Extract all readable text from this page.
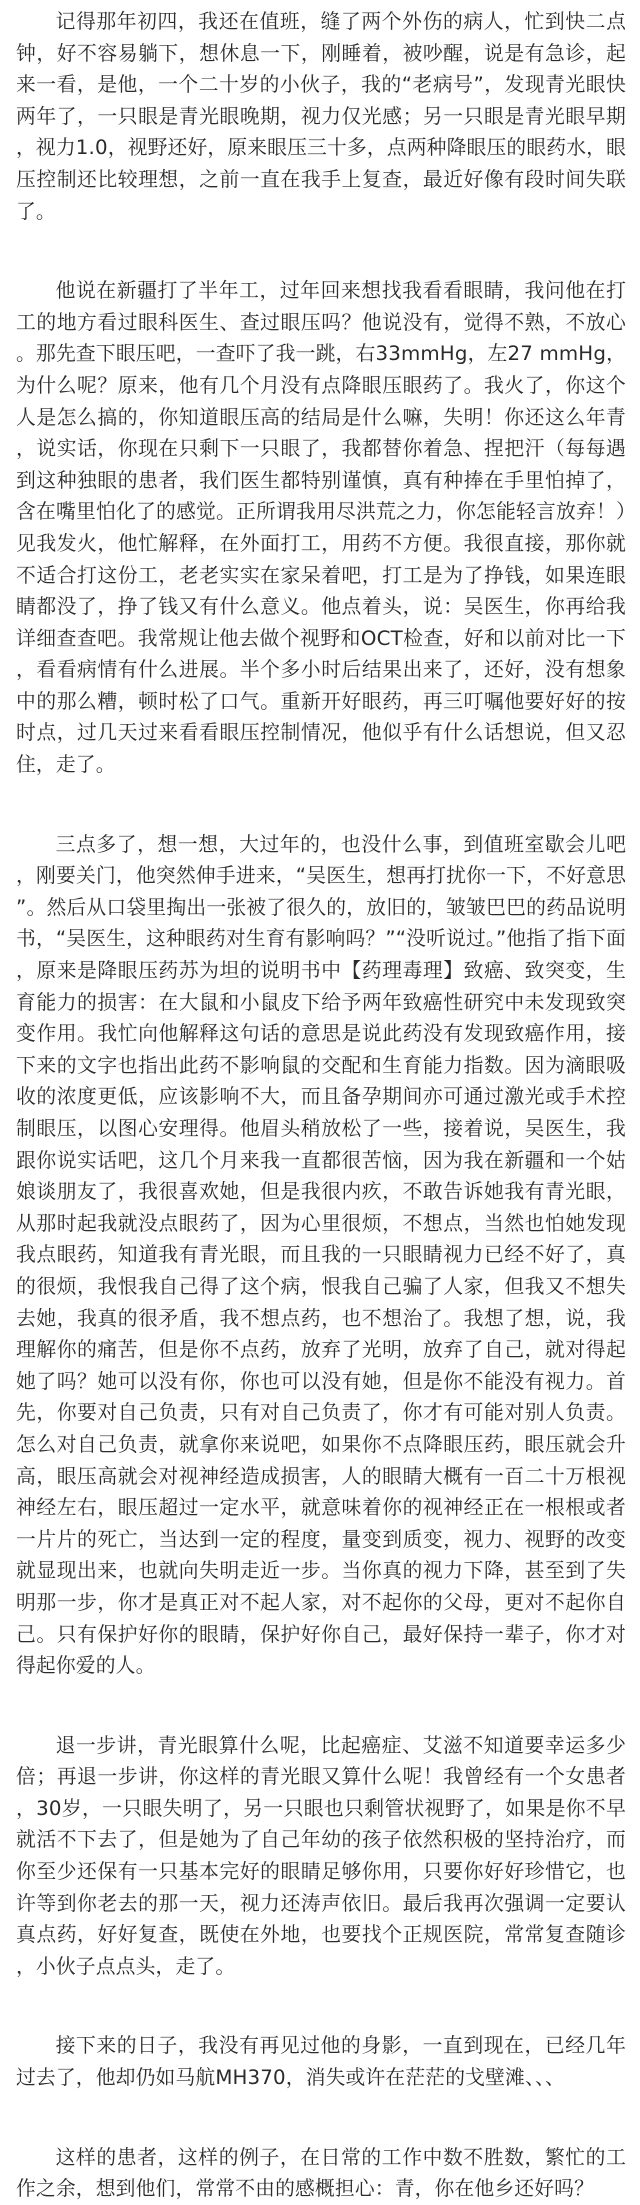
记得那年初四，我还在值班，缝了两个外伤的病人，忙到快二点钟，好不容易躺下，想休息一下，刚睡着，被吵醒，说是有急诊，起来一看，是他，一个二十岁的小伙子，我的“老病号”，发现青光眼快两年了，一只眼是青光眼晚期，视力仅光感；另一只眼是青光眼早期，视力1.0，视野还好，原来眼压三十多，点两种降眼压的眼药水，眼压控制还比较理想，之前一直在我手上复查，最近好像有段时间失联了。

他说在新疆打了半年工，过年回来想找我看看眼睛，我问他在打工的地方看过眼科医生、查过眼压吗？他说没有，觉得不熟，不放心。那先查下眼压吧，一查吓了我一跳，右33mmHg，左27 mmHg，为什么呢？原来，他有几个月没有点降眼压眼药了。我火了，你这个人是怎么搞的，你知道眼压高的结局是什么嘛，失明！你还这么年青，说实话，你现在只剩下一只眼了，我都替你着急、捏把汗（每每遇到这种独眼的患者，我们医生都特别谨慎，真有种捧在手里怕掉了，含在嘴里怕化了的感觉。正所谓我用尽洪荒之力，你怎能轻言放弃！）见我发火，他忙解释，在外面打工，用药不方便。我很直接，那你就不适合打这份工，老老实实在家呆着吧，打工是为了挣钱，如果连眼睛都没了，挣了钱又有什么意义。他点着头，说：吴医生，你再给我详细查查吧。我常规让他去做个视野和OCT检查，好和以前对比一下，看看病情有什么进展。半个多小时后结果出来了，还好，没有想象中的那么糟，顿时松了口气。重新开好眼药，再三叮嘱他要好好的按时点，过几天过来看看眼压控制情况，他似乎有什么话想说，但又忍住，走了。

三点多了，想一想，大过年的，也没什么事，到值班室歇会儿吧，刚要关门，他突然伸手进来，“吴医生，想再打扰你一下，不好意思”。然后从口袋里掏出一张被了很久的，放旧的，皱皱巴巴的药品说明书，“吴医生，这种眼药对生育有影响吗？”“没听说过。”他指了指下面，原来是降眼压药苏为坦的说明书中【药理毒理】致癌、致突变，生育能力的损害：在大鼠和小鼠皮下给予两年致癌性研究中未发现致突变作用。我忙向他解释这句话的意思是说此药没有发现致癌作用，接下来的文字也指出此药不影响鼠的交配和生育能力指数。因为滴眼吸收的浓度更低，应该影响不大，而且备孕期间亦可通过激光或手术控制眼压，以图心安理得。他眉头稍放松了一些，接着说，吴医生，我跟你说实话吧，这几个月来我一直都很苦恼，因为我在新疆和一个姑娘谈朋友了，我很喜欢她，但是我很内疚，不敢告诉她我有青光眼，从那时起我就没点眼药了，因为心里很烦，不想点，当然也怕她发现我点眼药，知道我有青光眼，而且我的一只眼睛视力已经不好了，真的很烦，我恨我自己得了这个病，恨我自己骗了人家，但我又不想失去她，我真的很矛盾，我不想点药，也不想治了。我想了想，说，我理解你的痛苦，但是你不点药，放弃了光明，放弃了自己，就对得起她了吗？她可以没有你，你也可以没有她，但是你不能没有视力。首先，你要对自己负责，只有对自己负责了，你才有可能对别人负责。怎么对自己负责，就拿你来说吧，如果你不点降眼压药，眼压就会升高，眼压高就会对视神经造成损害，人的眼睛大概有一百二十万根视神经左右，眼压超过一定水平，就意味着你的视神经正在一根根或者一片片的死亡，当达到一定的程度，量变到质变，视力、视野的改变就显现出来，也就向失明走近一步。当你真的视力下降，甚至到了失明那一步，你才是真正对不起人家，对不起你的父母，更对不起你自己。只有保护好你的眼睛，保护好你自己，最好保持一辈子，你才对得起你爱的人。

退一步讲，青光眼算什么呢，比起癌症、艾滋不知道要幸运多少倍；再退一步讲，你这样的青光眼又算什么呢！我曾经有一个女患者，30岁，一只眼失明了，另一只眼也只剩管状视野了，如果是你不早就活不下去了，但是她为了自己年幼的孩子依然积极的坚持治疗，而你至少还保有一只基本完好的眼睛足够你用，只要你好好珍惜它，也许等到你老去的那一天，视力还涛声依旧。最后我再次强调一定要认真点药，好好复查，既使在外地，也要找个正规医院，常常复查随诊，小伙子点点头，走了。

接下来的日子，我没有再见过他的身影，一直到现在，已经几年过去了，他却仍如马航MH370，消失或许在茫茫的戈壁滩、、、

这样的患者，这样的例子，在日常的工作中数不胜数，繁忙的工作之余，想到他们，常常不由的感概担心：青，你在他乡还好吗？
